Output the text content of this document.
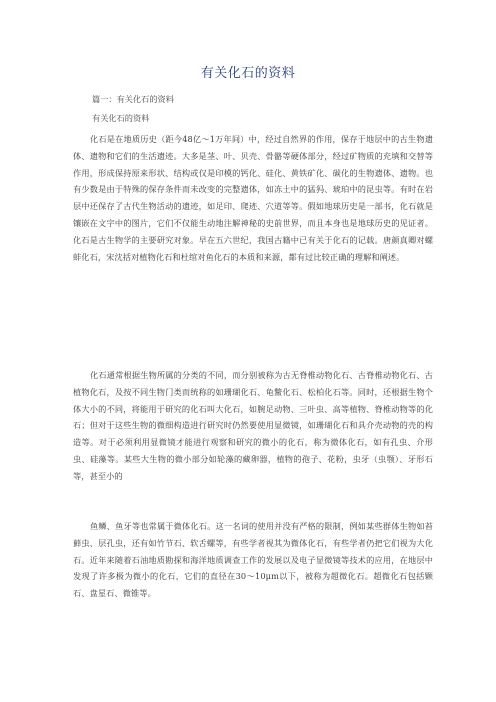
有关化石的资料

篇一：有关化石的资料

有关化石的资料

化石是在地质历史（距今48亿～1万年间）中，经过自然界的作用，保存于地层中的古生物遗体、遗物和它们的生活遗迹。大多是茎、叶、贝壳、骨骼等硬体部分，经过矿物质的充填和交替等作用，形成保持原来形状、结构或仅是印模的钙化、硅化、黄铁矿化、碳化的生物遗体、遗物。也有少数是由于特殊的保存条件而未改变的完整遗体，如冻土中的猛犸、琥珀中的昆虫等。有时在岩层中还保存了古代生物活动的遗迹，如足印、爬迹、穴道等等。假如地球历史是一部书，化石就是镶嵌在文字中的图片，它们不仅能生动地注解神秘的史前世界，而且本身也是地球历史的见证者。化石是古生物学的主要研究对象。早在五六世纪，我国古籍中已有关于化石的记载。唐颜真卿对螺蚌化石，宋沈括对植物化石和杜绾对鱼化石的本质和来源，都有过比较正确的理解和阐述。

化石通常根据生物所属的分类的不同，而分别被称为古无脊椎动物化石、古脊椎动物化石、古植物化石，及按不同生物门类而统称的如珊瑚化石、龟鳖化石、松柏化石等。同时，还根据生物个体大小的不同，将能用于研究的化石叫大化石，如腕足动物、三叶虫、高等植物、脊椎动物等的化石；但对于这些生物的微细构造进行研究时仍然要使用显微镜，如珊瑚化石和具介壳动物的壳的构造等。对于必须利用显微镜才能进行观察和研究的微小的化石，称为微体化石，如有孔虫、介形虫、硅藻等。某些大生物的微小部分如轮藻的藏卵器，植物的孢子、花粉，虫牙（虫颚）、牙形石等，甚至小的

鱼鳞、鱼牙等也常属于微体化石。这一名词的使用并没有严格的限制，例如某些群体生物如苔藓虫、层孔虫，还有如竹节石、软舌螺等，有些学者视其为微体化石，有些学者仍把它们视为大化石。近年来随着石油地质勘探和海洋地质调查工作的发展以及电子显微镜等技术的应用，在地层中发现了许多极为微小的化石，它们的直径在30～10μm以下，被称为超微化石。超微化石包括颗石、盘星石、微锥等。
